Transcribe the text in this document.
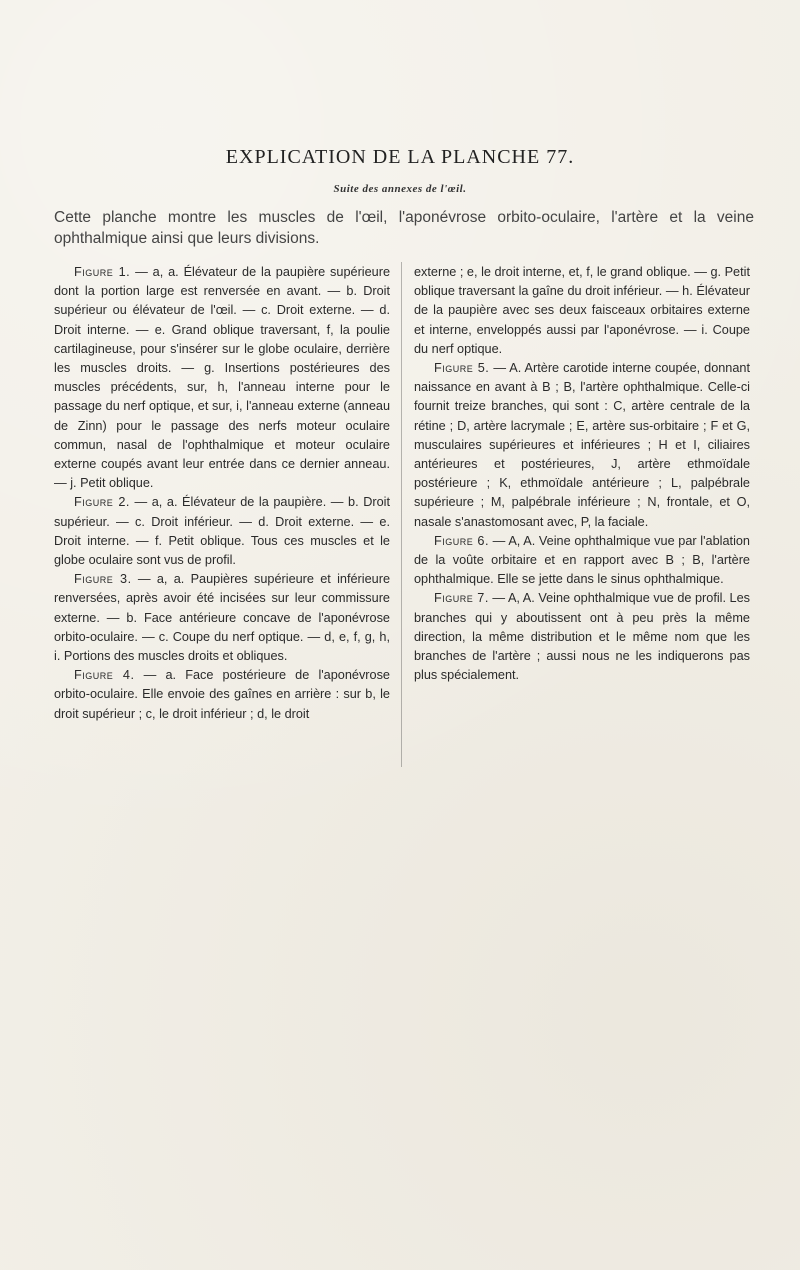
EXPLICATION DE LA PLANCHE 77.
Suite des annexes de l'œil.
Cette planche montre les muscles de l'œil, l'aponévrose orbito-oculaire, l'artère et la veine ophthalmique ainsi que leurs divisions.

Figure 1. — a, a. Élévateur de la paupière supérieure dont la portion large est renversée en avant. — b. Droit supérieur ou élévateur de l'œil. — c. Droit externe. — d. Droit interne. — e. Grand oblique traversant, f, la poulie cartilagineuse, pour s'insérer sur le globe oculaire, derrière les muscles droits. — g. Insertions postérieures des muscles précédents, sur, h, l'anneau interne pour le passage du nerf optique, et sur, i, l'anneau externe (anneau de Zinn) pour le passage des nerfs moteur oculaire commun, nasal de l'ophthalmique et moteur oculaire externe coupés avant leur entrée dans ce dernier anneau. — j. Petit oblique.

Figure 2. — a, a. Élévateur de la paupière. — b. Droit supérieur. — c. Droit inférieur. — d. Droit externe. — e. Droit interne. — f. Petit oblique. Tous ces muscles et le globe oculaire sont vus de profil.

Figure 3. — a, a. Paupières supérieure et inférieure renversées, après avoir été incisées sur leur commissure externe. — b. Face antérieure concave de l'aponévrose orbito-oculaire. — c. Coupe du nerf optique. — d, e, f, g, h, i. Portions des muscles droits et obliques.

Figure 4. — a. Face postérieure de l'aponévrose orbito-oculaire. Elle envoie des gaînes en arrière : sur b, le droit supérieur ; c, le droit inférieur ; d, le droit

externe ; e, le droit interne, et, f, le grand oblique. — g. Petit oblique traversant la gaîne du droit inférieur. — h. Élévateur de la paupière avec ses deux faisceaux orbitaires externe et interne, enveloppés aussi par l'aponévrose. — i. Coupe du nerf optique.

Figure 5. — A. Artère carotide interne coupée, donnant naissance en avant à B ; B, l'artère ophthalmique. Celle-ci fournit treize branches, qui sont : C, artère centrale de la rétine ; D, artère lacrymale ; E, artère sus-orbitaire ; F et G, musculaires supérieures et inférieures ; H et I, ciliaires antérieures et postérieures, J, artère ethmoïdale postérieure ; K, ethmoïdale antérieure ; L, palpébrale supérieure ; M, palpébrale inférieure ; N, frontale, et O, nasale s'anastomosant avec, P, la faciale.

Figure 6. — A, A. Veine ophthalmique vue par l'ablation de la voûte orbitaire et en rapport avec B ; B, l'artère ophthalmique. Elle se jette dans le sinus ophthalmique.

Figure 7. — A, A. Veine ophthalmique vue de profil. Les branches qui y aboutissent ont à peu près la même direction, la même distribution et le même nom que les branches de l'artère ; aussi nous ne les indiquerons pas plus spécialement.
